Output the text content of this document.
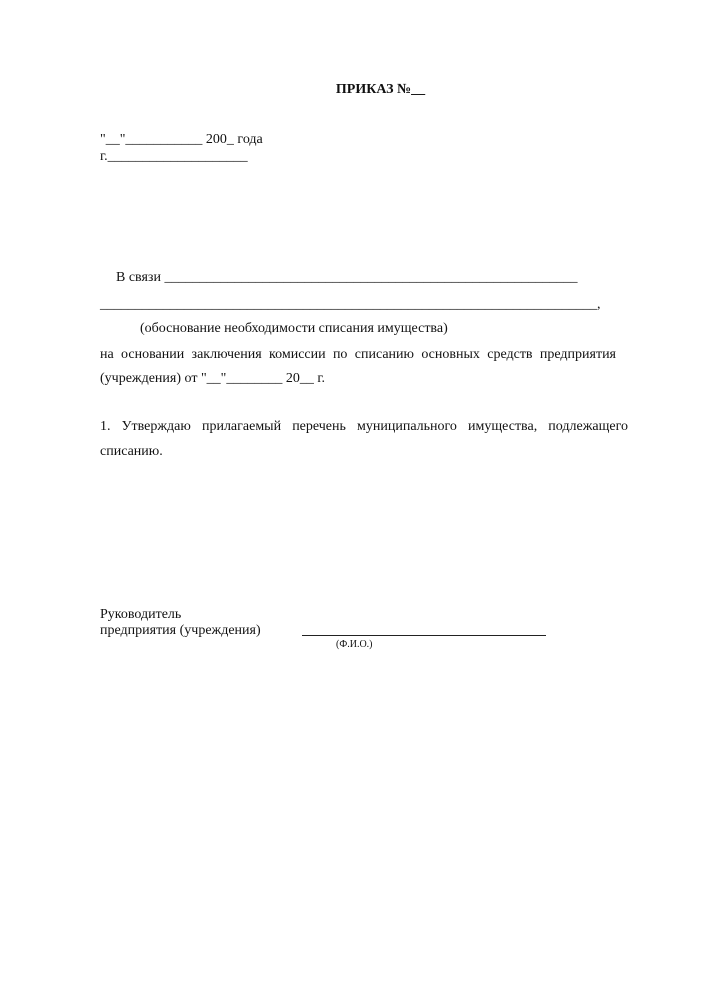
ПРИКАЗ №__
"__"___________ 200_ года
г.____________________
В связи ___________________________________________________________
_______________________________________________________________________,
(обоснование необходимости списания имущества)
на основании заключения комиссии по списанию основных средств предприятия
(учреждения) от "__"________ 20__ г.
1. Утверждаю прилагаемый перечень муниципального имущества, подлежащего
списанию.
Руководитель
предприятия (учреждения)
(Ф.И.О.)
